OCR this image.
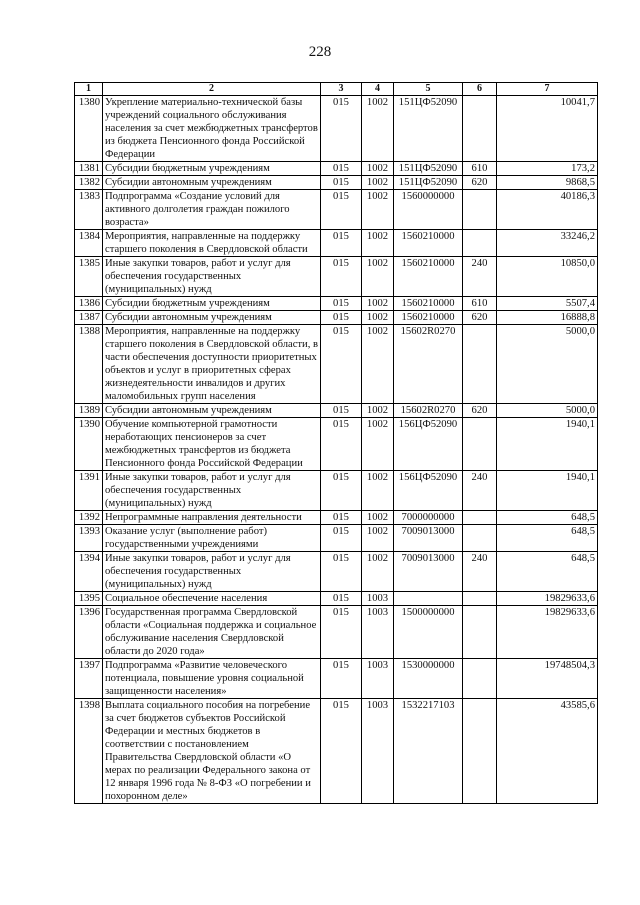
228
1	2	3	4	5	6	7
1380	Укрепление материально-технической базы учреждений социального обслуживания населения за счет межбюджетных трансфертов из бюджета Пенсионного фонда Российской Федерации	015	1002	151ЦФ52090		10041,7
1381	Субсидии бюджетным учреждениям	015	1002	151ЦФ52090	610	173,2
1382	Субсидии автономным учреждениям	015	1002	151ЦФ52090	620	9868,5
1383	Подпрограмма «Создание условий для активного долголетия граждан пожилого возраста»	015	1002	1560000000		40186,3
1384	Мероприятия, направленные на поддержку старшего поколения в Свердловской области	015	1002	1560210000		33246,2
1385	Иные закупки товаров, работ и услуг для обеспечения государственных (муниципальных) нужд	015	1002	1560210000	240	10850,0
1386	Субсидии бюджетным учреждениям	015	1002	1560210000	610	5507,4
1387	Субсидии автономным учреждениям	015	1002	1560210000	620	16888,8
1388	Мероприятия, направленные на поддержку старшего поколения в Свердловской области, в части обеспечения доступности приоритетных объектов и услуг в приоритетных сферах жизнедеятельности инвалидов и других маломобильных групп населения	015	1002	15602R0270		5000,0
1389	Субсидии автономным учреждениям	015	1002	15602R0270	620	5000,0
1390	Обучение компьютерной грамотности неработающих пенсионеров за счет межбюджетных трансфертов из бюджета Пенсионного фонда Российской Федерации	015	1002	156ЦФ52090		1940,1
1391	Иные закупки товаров, работ и услуг для обеспечения государственных (муниципальных) нужд	015	1002	156ЦФ52090	240	1940,1
1392	Непрограммные направления деятельности	015	1002	7000000000		648,5
1393	Оказание услуг (выполнение работ) государственными учреждениями	015	1002	7009013000		648,5
1394	Иные закупки товаров, работ и услуг для обеспечения государственных (муниципальных) нужд	015	1002	7009013000	240	648,5
1395	Социальное обеспечение населения	015	1003			19829633,6
1396	Государственная программа Свердловской области «Социальная поддержка и социальное обслуживание населения Свердловской области до 2020 года»	015	1003	1500000000		19829633,6
1397	Подпрограмма «Развитие человеческого потенциала, повышение уровня социальной защищенности населения»	015	1003	1530000000		19748504,3
1398	Выплата социального пособия на погребение за счет бюджетов субъектов Российской Федерации и местных бюджетов в соответствии с постановлением Правительства Свердловской области «О мерах по реализации Федерального закона от 12 января 1996 года № 8-ФЗ «О погребении и похоронном деле»	015	1003	1532217103		43585,6
